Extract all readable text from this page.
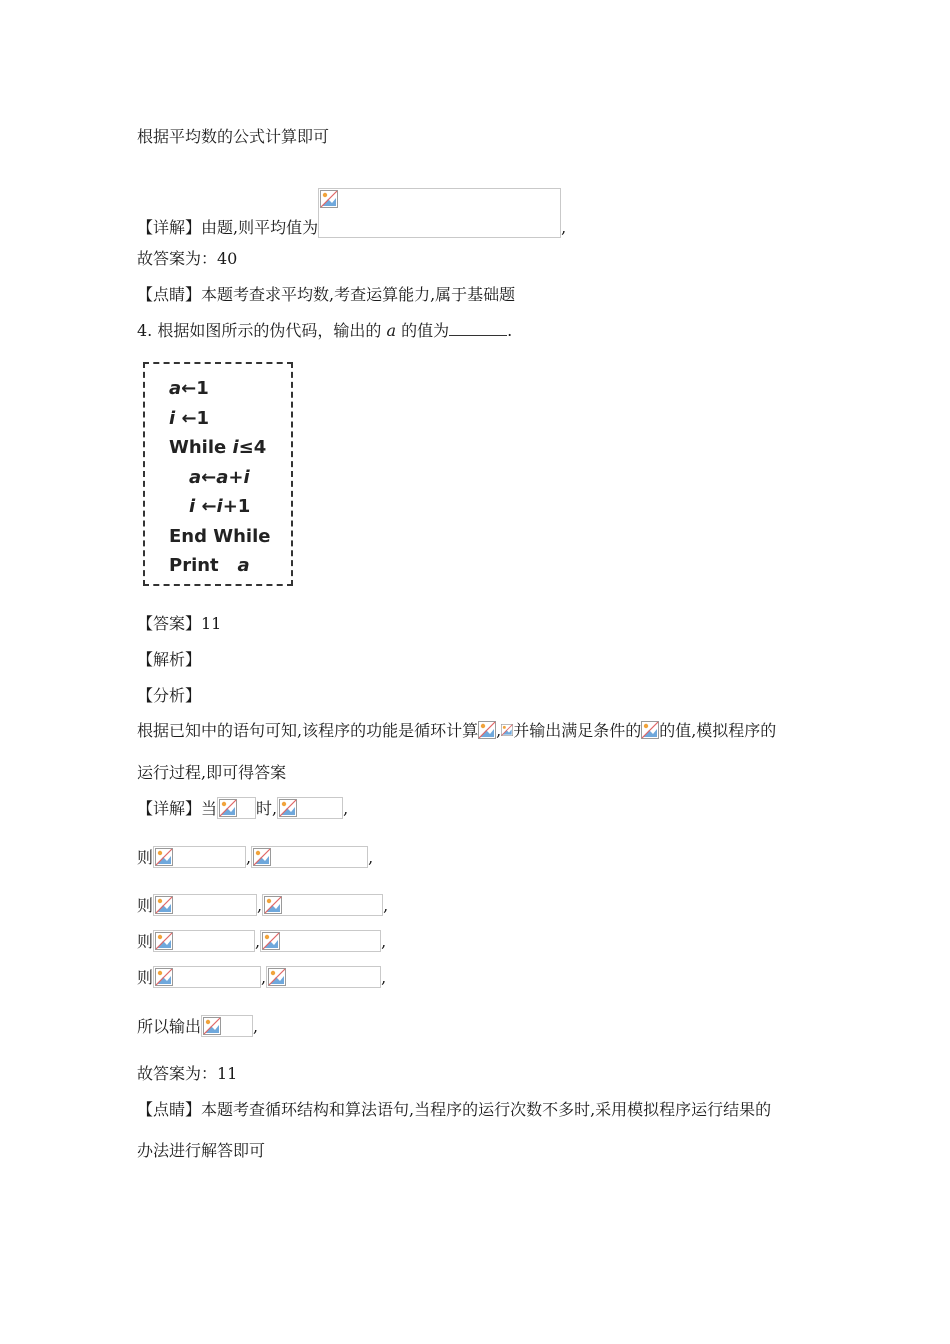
根据平均数的公式计算即可
【详解】由题,则平均值为	,
故答案为：40
【点睛】本题考查求平均数,考查运算能力,属于基础题
4. 根据如图所示的伪代码，输出的 a 的值为	.
a←1
i ←1
While i≤4
a←a+i
i ←i+1
End While
Print   a
【答案】11
【解析】
【分析】
根据已知中的语句可知,该程序的功能是循环计算 , 并输出满足条件的 的值,模拟程序的
运行过程,即可得答案
【详解】当 时,	,
则	,	,
则	,	,
则	,	,
则	,	,
所以输出	,
故答案为：11
【点睛】本题考查循环结构和算法语句,当程序的运行次数不多时,采用模拟程序运行结果的
办法进行解答即可
